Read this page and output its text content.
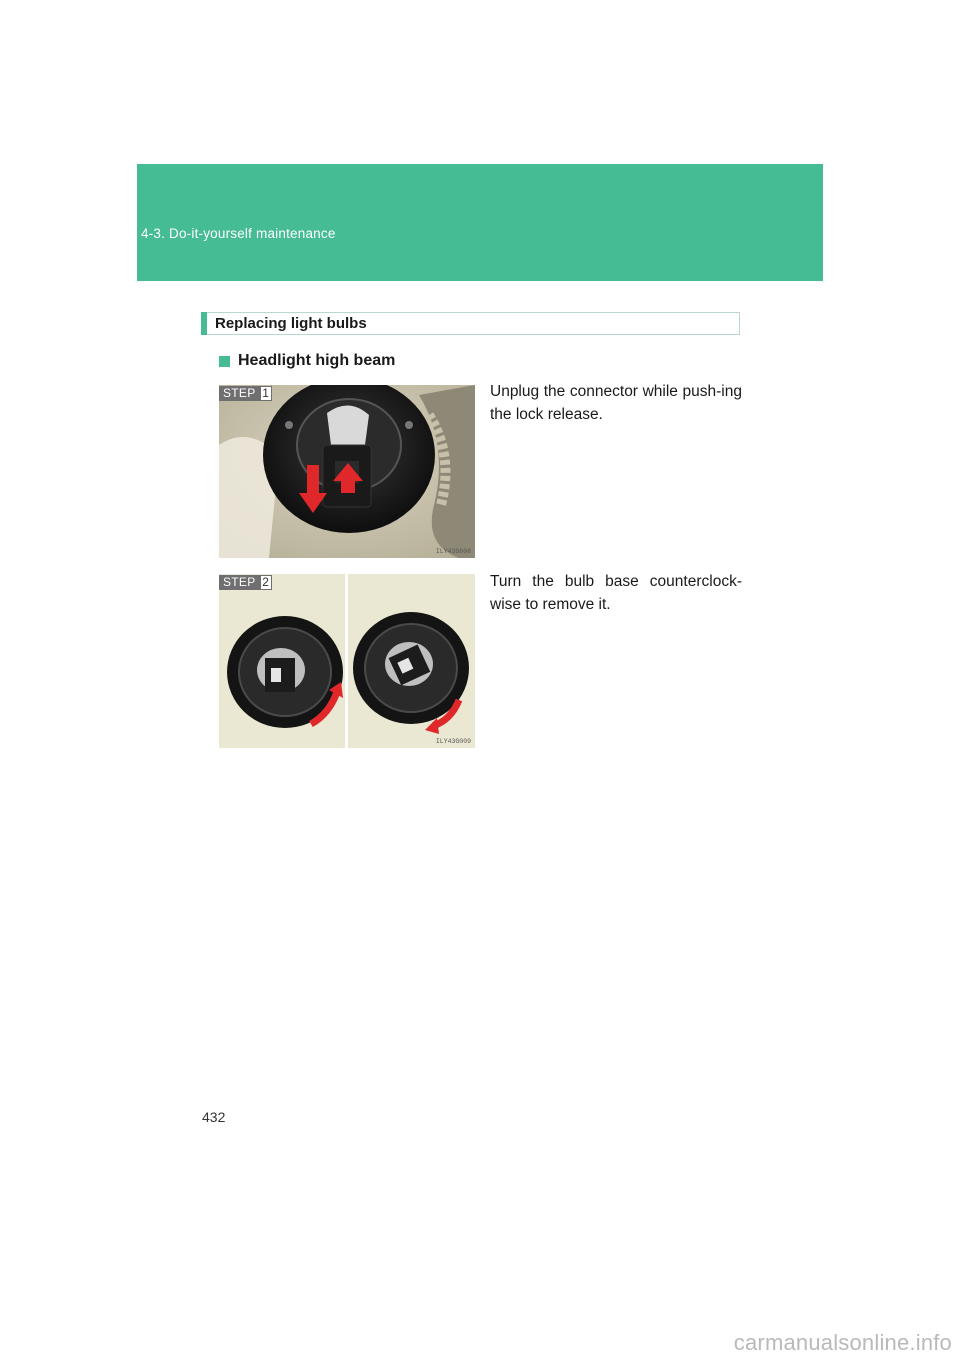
4-3. Do-it-yourself maintenance
Replacing light bulbs
Headlight high beam
STEP 1
ILY43G008
Unplug the connector while push-ing the lock release.
STEP 2
ILY43G009
Turn the bulb base counterclock-wise to remove it.
432
carmanualsonline.info
